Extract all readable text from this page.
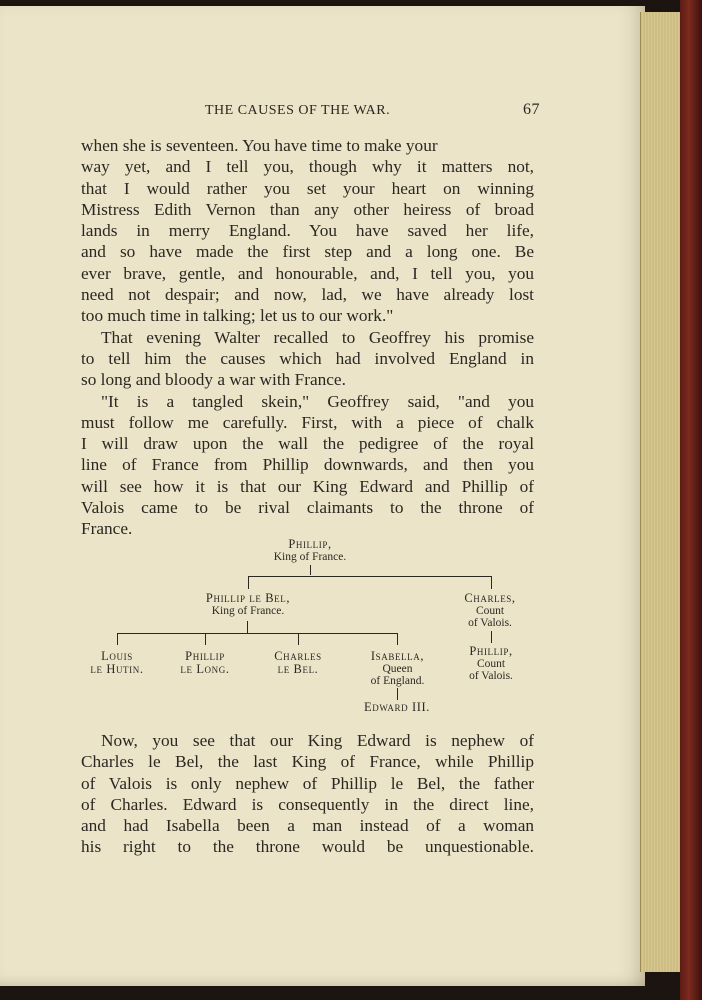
THE CAUSES OF THE WAR.	67
when she is seventeen. You have time to make your
way yet, and I tell you, though why it matters not,
that I would rather you set your heart on winning
Mistress Edith Vernon than any other heiress of broad
lands in merry England. You have saved her life,
and so have made the first step and a long one. Be
ever brave, gentle, and honourable, and, I tell you, you
need not despair; and now, lad, we have already lost
too much time in talking; let us to our work."
That evening Walter recalled to Geoffrey his promise
to tell him the causes which had involved England in
so long and bloody a war with France.
"It is a tangled skein," Geoffrey said, "and you
must follow me carefully. First, with a piece of chalk
I will draw upon the wall the pedigree of the royal
line of France from Phillip downwards, and then you
will see how it is that our King Edward and Phillip of
Valois came to be rival claimants to the throne of
France.
Phillip,
King of France.
Phillip le Bel,
King of France.
Charles,
Count
of Valois.
Louis
le Hutin.
Phillip
le Long.
Charles
le Bel.
Isabella,
Queen
of England.
Phillip,
Count
of Valois.
Edward III.
Now, you see that our King Edward is nephew of
Charles le Bel, the last King of France, while Phillip
of Valois is only nephew of Phillip le Bel, the father
of Charles. Edward is consequently in the direct line,
and had Isabella been a man instead of a woman
his right to the throne would be unquestionable.
